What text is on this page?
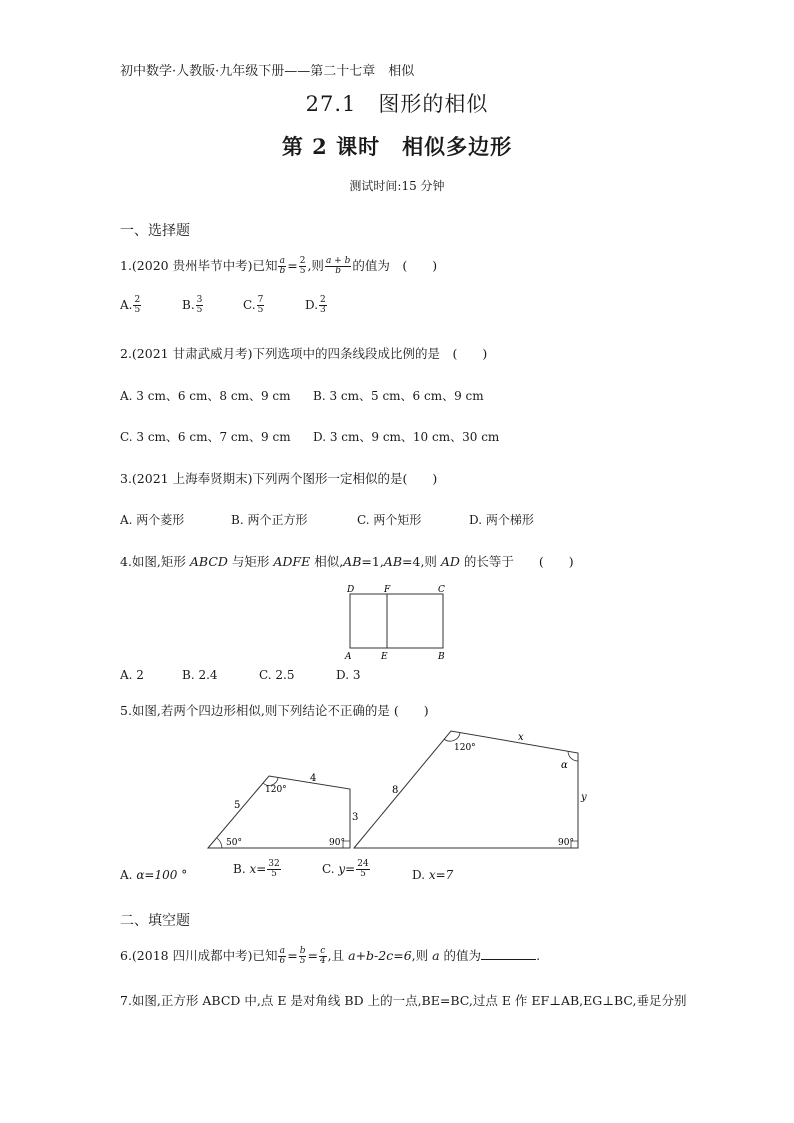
初中数学·人教版·九年级下册——第二十七章　相似
27.1　图形的相似
第 2 课时　相似多边形
测试时间:15 分钟
一、选择题
1.(2020 贵州毕节中考)已知 $\frac{a}{b} = \frac{2}{5}$ ,则 $\frac{a + b}{b}$ 的值为　(　　)
A. $\frac{2}{5}$	B. $\frac{3}{5}$	C. $\frac{7}{5}$	D. $\frac{2}{3}$
2.(2021 甘肃武威月考)下列选项中的四条线段成比例的是　(　　)
A. 3 cm、6 cm、8 cm、9 cm B. 3 cm、5 cm、6 cm、9 cm
C. 3 cm、6 cm、7 cm、9 cm D. 3 cm、9 cm、10 cm、30 cm
3.(2021 上海奉贤期末)下列两个图形一定相似的是(　　)
A. 两个菱形	B. 两个正方形	C. 两个矩形	D. 两个梯形
4.如图,矩形 ABCD 与矩形 ADFE 相似,AB=1,AB=4,则 AD 的长等于　　(　　)
D	F	C
A	E	B
A. 2	B. 2.4	C. 2.5	D. 3
5.如图,若两个四边形相似,则下列结论不正确的是 (　　)
5
4
3
120°
50°	90°
8
x
y
120°
α
90°
A. α=100 °	B. $x= \frac{32}{5}$	C. $y= \frac{24}{5}$	D. x=7
二、填空题
6.(2018 四川成都中考)已知 $\frac{a}{6} = \frac{b}{5} = \frac{c}{4}$ ,且 a+b-2c=6,则 a 的值为	.
7.如图,正方形 ABCD 中,点 E 是对角线 BD 上的一点,BE=BC,过点 E 作 EF⊥AB,EG⊥BC,垂足分别
